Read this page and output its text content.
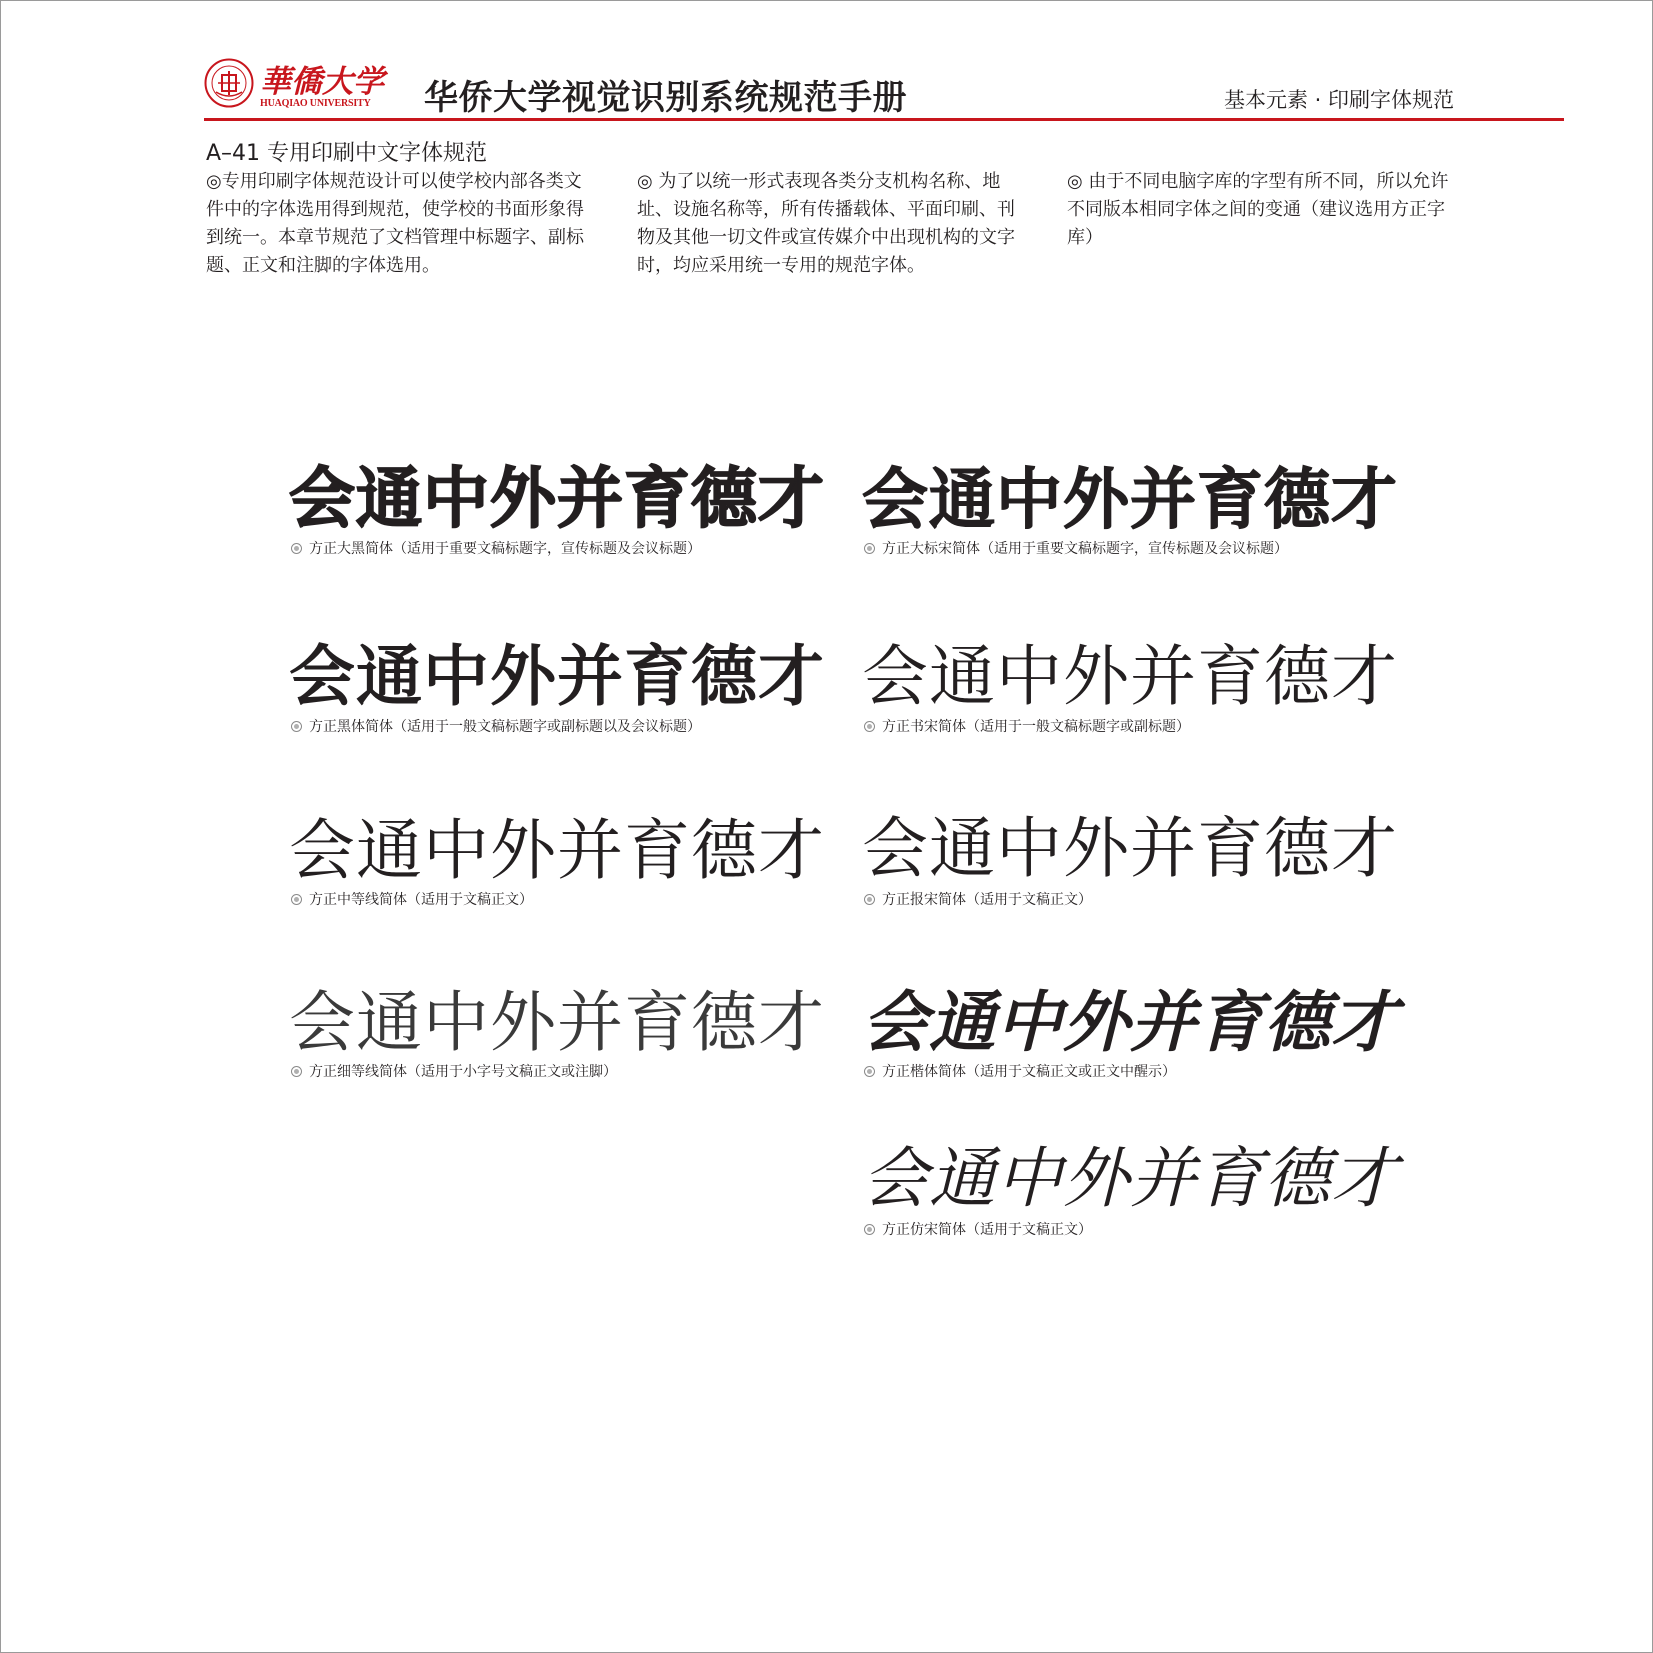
華僑大学
HUAQIAO UNIVERSITY 华侨大学视觉识别系统规范手册	基本元素 · 印刷字体规范
A–41 专用印刷中文字体规范
◎专用印刷字体规范设计可以使学校内部各类文件中的字体选用得到规范，使学校的书面形象得到统一。本章节规范了文档管理中标题字、副标题、正文和注脚的字体选用。
◎ 为了以统一形式表现各类分支机构名称、地址、设施名称等，所有传播载体、平面印刷、刊物及其他一切文件或宣传媒介中出现机构的文字时，均应采用统一专用的规范字体。
◎ 由于不同电脑字库的字型有所不同，所以允许不同版本相同字体之间的变通（建议选用方正字库）
会通中外并育德才
方正大黑简体（适用于重要文稿标题字，宣传标题及会议标题）
会通中外并育德才
方正大标宋简体（适用于重要文稿标题字，宣传标题及会议标题）
会通中外并育德才
方正黑体简体（适用于一般文稿标题字或副标题以及会议标题）
会通中外并育德才
方正书宋简体（适用于一般文稿标题字或副标题）
会通中外并育德才
方正中等线简体（适用于文稿正文）
会通中外并育德才
方正报宋简体（适用于文稿正文）
会通中外并育德才
方正细等线简体（适用于小字号文稿正文或注脚）
会通中外并育德才
方正楷体简体（适用于文稿正文或正文中醒示）
会通中外并育德才
方正仿宋简体（适用于文稿正文）
